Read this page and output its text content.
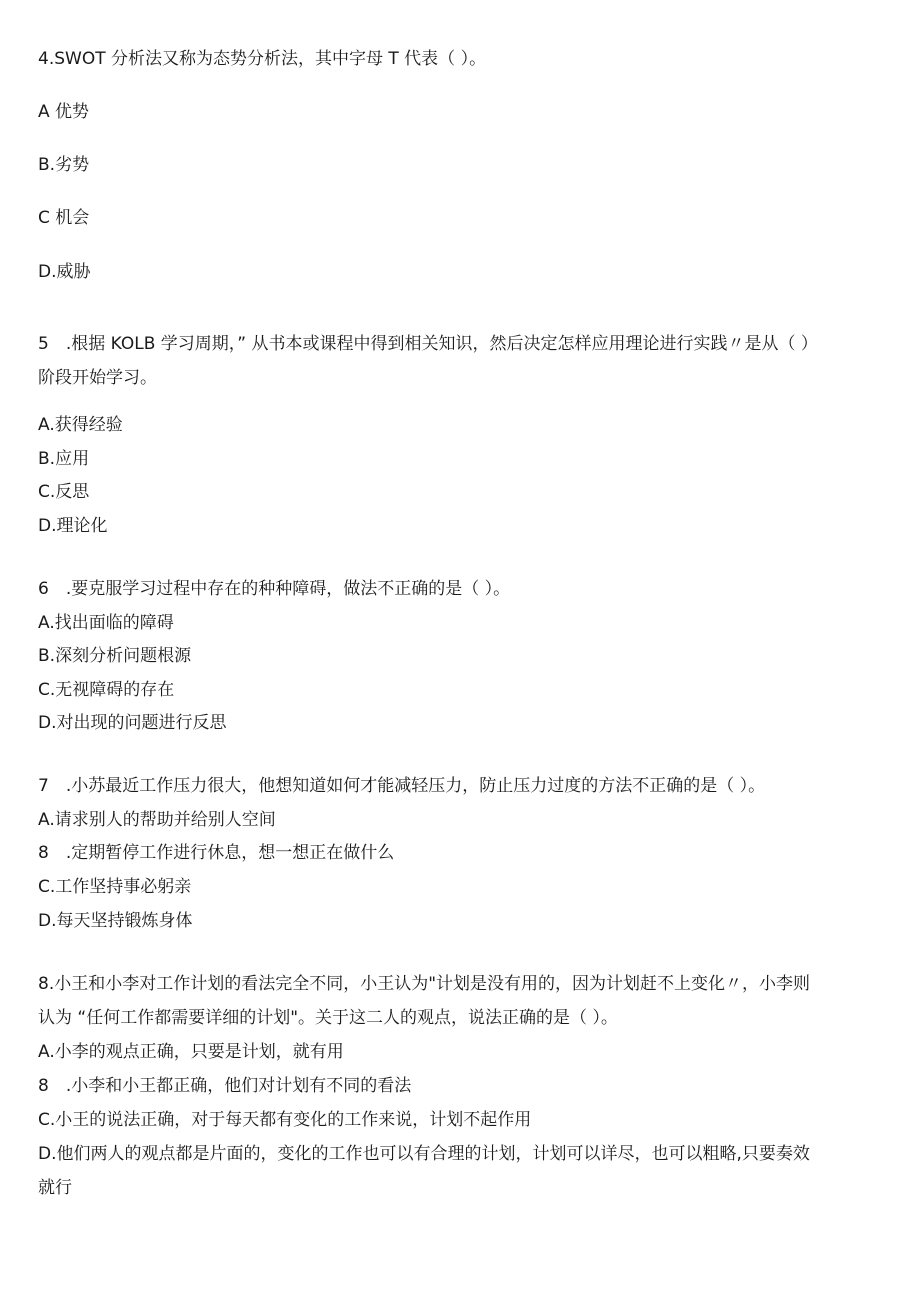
4.SWOT 分析法又称为态势分析法，其中字母 T 代表（ ）。
A 优势
B.劣势
C 机会
D.威胁
5　.根据 KOLB 学习周期，” 从书本或课程中得到相关知识，然后决定怎样应用理论进行实践〃是从（ ）
阶段开始学习。
A.获得经验
B.应用
C.反思
D.理论化
6　.要克服学习过程中存在的种种障碍，做法不正确的是（ ）。
A.找出面临的障碍
B.深刻分析问题根源
C.无视障碍的存在
D.对出现的问题进行反思
7　.小苏最近工作压力很大，他想知道如何才能减轻压力，防止压力过度的方法不正确的是（ ）。
A.请求别人的帮助并给别人空间
8　.定期暂停工作进行休息，想一想正在做什么
C.工作坚持事必躬亲
D.每天坚持锻炼身体
8.小王和小李对工作计划的看法完全不同，小王认为"计划是没有用的，因为计划赶不上变化〃，小李则
认为 “任何工作都需要详细的计划"。关于这二人的观点，说法正确的是（ ）。
A.小李的观点正确，只要是计划，就有用
8　.小李和小王都正确，他们对计划有不同的看法
C.小王的说法正确，对于每天都有变化的工作来说，计划不起作用
D.他们两人的观点都是片面的，变化的工作也可以有合理的计划，计划可以详尽，也可以粗略,只要奏效
就行
